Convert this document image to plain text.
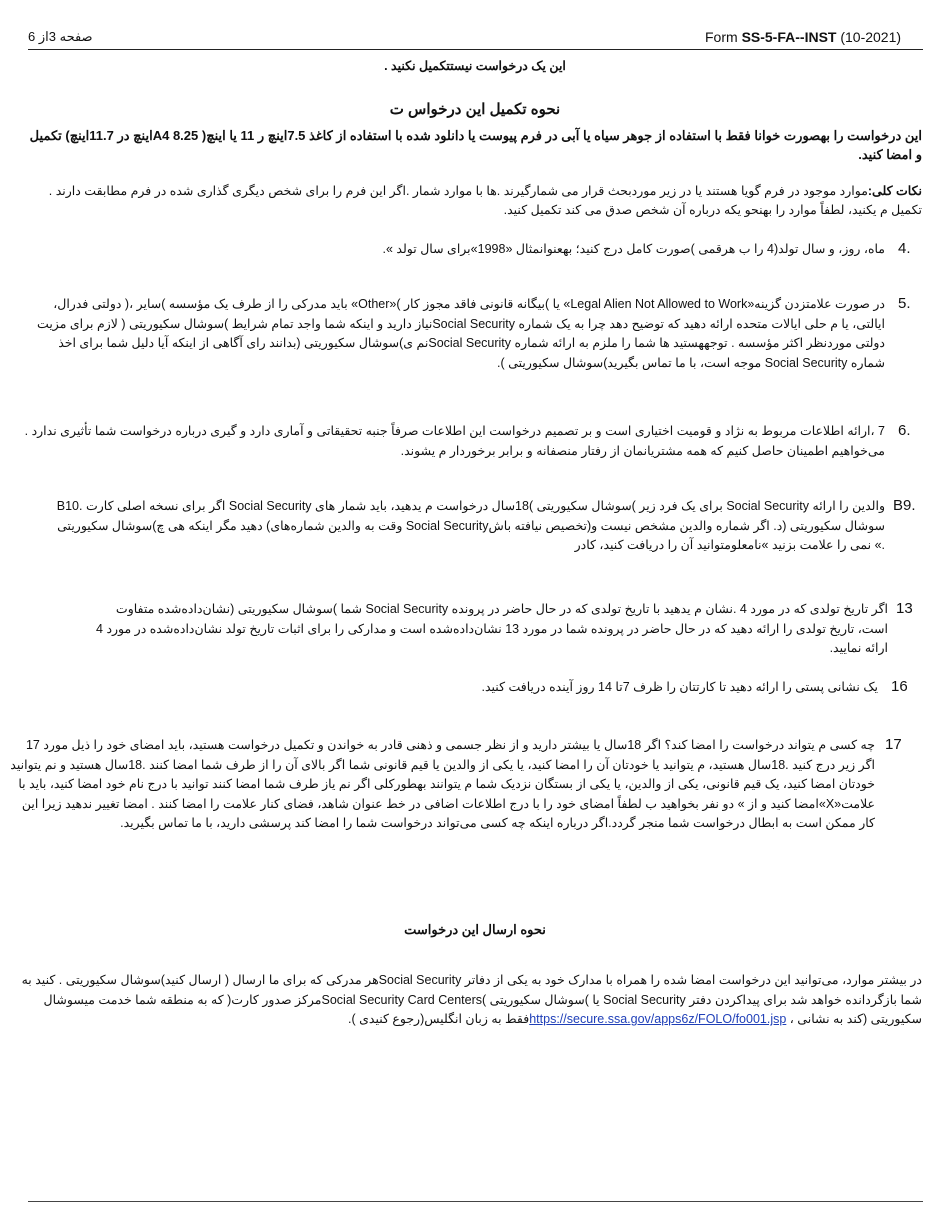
Form SS-5-FA--INST (10-2021)
صفحه 3از 6
این یک درخواست نیستتکمیل نکنید .
نحوه تکمیل این درخواس ت
این درخواست را بهصورت خوانا فقط با استفاده از جوهر سیاه یا آبی در فرم پیوست یا دانلود شده با استفاده از کاغذ 7.5اینچ ر 11 یا اینچ( 8.25 A4اینچ در 11.7اینچ) تکمیل و امضا کنید.
نکات کلی:موارد موجود در فرم گویا هستند یا در زیر موردبحث قرار می شمارگیرند .ها با موارد شمار .اگر این فرم را برای شخص دیگری گذاری شده در فرم مطابقت دارند . تکمیل م یکنید، لطفاً موارد را بهنحو یکه درباره آن شخص صدق می کند تکمیل کنید.
4.
ماه، روز، و سال تولد(4 را ب هرقمی )صورت کامل درج کنید؛ بهعنوانمثال «1998»برای سال تولد ».
5.
در صورت علامتزدن گزینه«Legal Alien Not Allowed to Work» یا )بیگانه قانونی فاقد مجوز کار )«Other» باید مدرکی را از طرف یک مؤسسه )سایر ،( دولتی فدرال، ایالتی، یا م حلی ایالات متحده ارائه دهید که توضیح دهد چرا به یک شماره Social Securityنیاز دارید و اینکه شما واجد تمام شرایط )سوشال سکیوریتی ( لازم برای مزیت دولتی موردنظر اکثر مؤسسه . توجههستید ها شما را ملزم به ارائه شماره Social Securityنم ی)سوشال سکیوریتی (بدانند رای آگاهی از اینکه آیا دلیل شما برای اخذ شماره Social Security موجه است، با ما تماس بگیرید)سوشال سکیوریتی ).
6.
7 ،ارائه اطلاعات مربوط به نژاد و قومیت اختیاری است و بر تصمیم درخواست این اطلاعات صرفاً جنبه تحقیقاتی و آماری دارد و گیری درباره درخواست شما تأثیری ندارد . می‌خواهیم اطمینان حاصل کنیم که همه مشتریانمان از رفتار منصفانه و برابر برخوردار م یشوند.
B9.
B10. اگر برای نسخه اصلی کارت Social Security برای یک فرد زیر )سوشال سکیوریتی )18سال درخواست م یدهید، باید شمار های Social Security والدین را ارائه دهید مگر اینکه هی چ)سوشال سکیوریتی (وقت به والدین شماره‌های Social Securityتخصیص نیافته باش)سوشال سکیوریتی (د. اگر شماره والدین مشخص نیست و نمی را علامت بزنید »نامعلومتوانید آن را دریافت کنید، کادر «.
13
اگر تاریخ تولدی که در مورد 4 .نشان م یدهید با تاریخ تولدی که در حال حاضر در پرونده Social Security شما )سوشال سکیوریتی (نشان‌داده‌شده متفاوت است، تاریخ تولدی را ارائه دهید که در حال حاضر در پرونده شما در مورد 13 نشان‌داده‌شده است و مدارکی را برای اثبات تاریخ تولد نشان‌داده‌شده در مورد 4 ارائه نمایید.
16
یک نشانی پستی را ارائه دهید تا کارتتان را ظرف 7تا 14 روز آینده دریافت کنید.
17
چه کسی م یتواند درخواست را امضا کند؟ اگر 18سال یا بیشتر دارید و از نظر جسمی و ذهنی قادر به خواندن و تکمیل درخواست هستید، باید امضای خود را ذیل مورد 17 اگر زیر درج کنید .18سال هستید، م یتوانید یا خودتان آن را امضا کنید، یا یکی از والدین یا قیم قانونی شما اگر بالای آن را از طرف شما امضا کنند .18سال هستید و نم یتوانید خودتان امضا کنید، یک قیم قانونی، یکی از والدین، یا یکی از بستگان نزدیک شما م یتوانند بهطورکلی اگر نم یاز طرف شما امضا کنند توانید با درج نام خود امضا کنید، باید با علامت«X»امضا کنید و از » دو نفر بخواهید ب لطفاً امضای خود را با درج اطلاعات اضافی در خط عنوان شاهد، فضای کنار علامت را امضا کنند . امضا تغییر ندهید زیرا این کار ممکن است به ابطال درخواست شما منجر گردد.اگر درباره اینکه چه کسی می‌تواند درخواست شما را امضا کند پرسشی دارید، با ما تماس بگیرید.
نحوه ارسال این درخواست
در بیشتر موارد، می‌توانید این درخواست امضا شده را همراه با مدارک خود به یکی از دفاتر Social Securityهر مدرکی که برای ما ارسال ( ارسال کنید)سوشال سکیوریتی . کنید به شما بازگردانده خواهد شد برای پیداکردن دفتر Social Security یا )سوشال سکیوریتی )Social Security Card Centersمرکز صدور کارت( که به منطقه شما خدمت میسوشال سکیوریتی (کند به نشانی ، https://secure.ssa.gov/apps6z/FOLO/fo001.jspفقط به زبان انگلیس(رجوع کنیدی ).
